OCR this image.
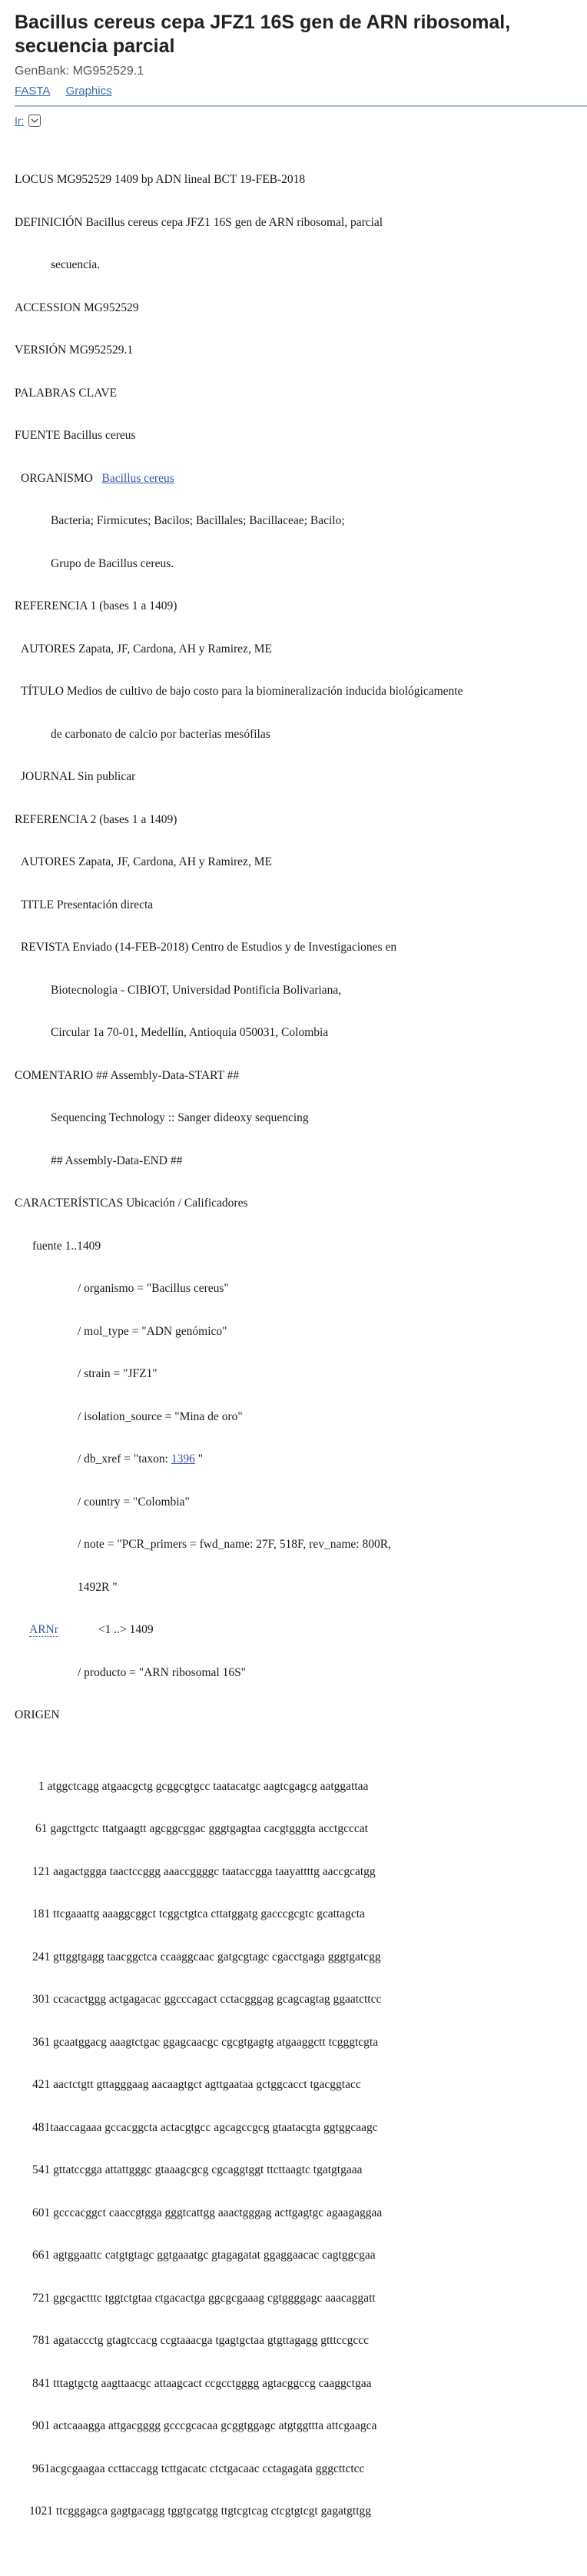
Bacillus cereus cepa JFZ1 16S gen de ARN ribosomal, secuencia parcial
GenBank: MG952529.1
FASTA Graphics
Ir:

LOCUS MG952529 1409 bp ADN lineal BCT 19-FEB-2018

DEFINICIÓN Bacillus cereus cepa JFZ1 16S gen de ARN ribosomal, parcial

secuencia.

ACCESSION MG952529

VERSIÓN MG952529.1

PALABRAS CLAVE

FUENTE Bacillus cereus

ORGANISMO Bacillus cereus

Bacteria; Firmicutes; Bacilos; Bacillales; Bacillaceae; Bacilo;

Grupo de Bacillus cereus.

REFERENCIA 1 (bases 1 a 1409)

AUTORES Zapata, JF, Cardona, AH y Ramirez, ME

TÍTULO Medios de cultivo de bajo costo para la biomineralización inducida biológicamente

de carbonato de calcio por bacterias mesófilas

JOURNAL Sin publicar

REFERENCIA 2 (bases 1 a 1409)

AUTORES Zapata, JF, Cardona, AH y Ramirez, ME

TITLE Presentación directa

REVISTA Enviado (14-FEB-2018) Centro de Estudios y de Investigaciones en

Biotecnologia - CIBIOT, Universidad Pontificia Bolivariana,

Circular 1a 70-01, Medellín, Antioquia 050031, Colombia

COMENTARIO ## Assembly-Data-START ##

Sequencing Technology :: Sanger dideoxy sequencing

## Assembly-Data-END ##

CARACTERÍSTICAS Ubicación / Calificadores

fuente 1..1409

/ organismo = "Bacillus cereus"

/ mol_type = "ADN genómico"

/ strain = "JFZ1"

/ isolation_source = "Mina de oro"

/ db_xref = "taxon: 1396 "

/ country = "Colombia"

/ note = "PCR_primers = fwd_name: 27F, 518F, rev_name: 800R,

1492R "

ARNr	<1 ..> 1409

/ producto = "ARN ribosomal 16S"

ORIGEN

1 atggctcagg atgaacgctg gcggcgtgcc taatacatgc aagtcgagcg aatggattaa

61 gagcttgctc ttatgaagtt agcggcggac gggtgagtaa cacgtgggta acctgcccat

121 aagactggga taactccggg aaaccggggc taataccgga taayattttg aaccgcatgg

181 ttcgaaattg aaaggcggct tcggctgtca cttatggatg gacccgcgtc gcattagcta

241 gttggtgagg taacggctca ccaaggcaac gatgcgtagc cgacctgaga gggtgatcgg

301 ccacactggg actgagacac ggcccagact cctacgggag gcagcagtag ggaatcttcc

361 gcaatggacg aaagtctgac ggagcaacgc cgcgtgagtg atgaaggctt tcgggtcgta

421 aactctgtt gttagggaag aacaagtgct agttgaataa gctggcacct tgacggtacc

481taaccagaaa gccacggcta actacgtgcc agcagccgcg gtaatacgta ggtggcaagc

541 gttatccgga attattgggc gtaaagcgcg cgcaggtggt ttcttaagtc tgatgtgaaa

601 gcccacggct caaccgtgga gggtcattgg aaactgggag acttgagtgc agaagaggaa

661 agtggaattc catgtgtagc ggtgaaatgc gtagagatat ggaggaacac cagtggcgaa

721 ggcgactttc tggtctgtaa ctgacactga ggcgcgaaag cgtggggagc aaacaggatt

781 agataccctg gtagtccacg ccgtaaacga tgagtgctaa gtgttagagg gtttccgccc

841 tttagtgctg aagttaacgc attaagcact ccgcctgggg agtacggccg caaggctgaa

901 actcaaagga attgacgggg gcccgcacaa gcggtggagc atgtggttta attcgaagca

961acgcgaagaa ccttaccagg tcttgacatc ctctgacaac cctagagata gggcttctcc

1021 ttcgggagca gagtgacagg tggtgcatgg ttgtcgtcag ctcgtgtcgt gagatgttgg
